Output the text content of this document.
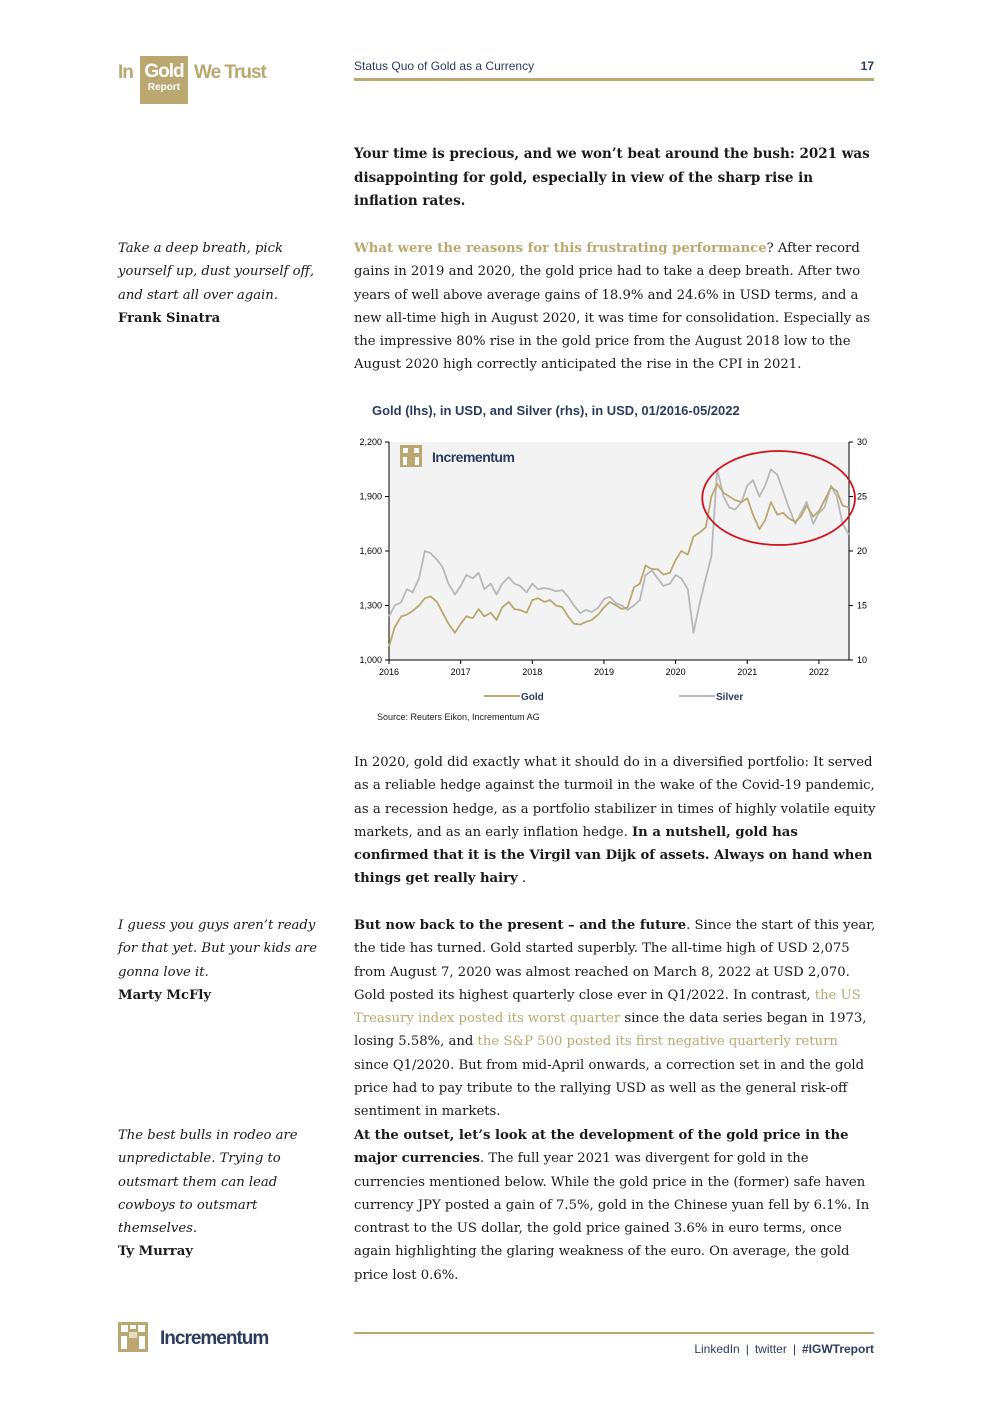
In Gold
Report
We Trust	Status Quo of Gold as a Currency	17
Your time is precious, and we won’t beat around the bush: 2021 was disappointing for gold, especially in view of the sharp rise in inflation rates.
Take a deep breath, pick yourself up, dust yourself off, and start all over again.
Frank Sinatra
What were the reasons for this frustrating performance? After record gains in 2019 and 2020, the gold price had to take a deep breath. After two years of well above average gains of 18.9% and 24.6% in USD terms, and a new all-time high in August 2020, it was time for consolidation. Especially as the impressive 80% rise in the gold price from the August 2018 low to the August 2020 high correctly anticipated the rise in the CPI in 2021.
Gold (lhs), in USD, and Silver (rhs), in USD, 01/2016-05/2022
Incrementum
1,000
1,300
1,600
1,900
2,200
10
15
20
25
30
2016	2017	2018	2019	2020	2021	2022
Gold	Silver
Source: Reuters Eikon, Incrementum AG
In 2020, gold did exactly what it should do in a diversified portfolio: It served as a reliable hedge against the turmoil in the wake of the Covid-19 pandemic, as a recession hedge, as a portfolio stabilizer in times of highly volatile equity markets, and as an early inflation hedge. In a nutshell, gold has confirmed that it is the Virgil van Dijk of assets. Always on hand when things get really hairy .
I guess you guys aren’t ready for that yet. But your kids are gonna love it.
Marty McFly
But now back to the present – and the future. Since the start of this year, the tide has turned. Gold started superbly. The all-time high of USD 2,075 from August 7, 2020 was almost reached on March 8, 2022 at USD 2,070. Gold posted its highest quarterly close ever in Q1/2022. In contrast, the US Treasury index posted its worst quarter since the data series began in 1973, losing 5.58%, and the S&P 500 posted its first negative quarterly return since Q1/2020. But from mid-April onwards, a correction set in and the gold price had to pay tribute to the rallying USD as well as the general risk-off sentiment in markets.
The best bulls in rodeo are unpredictable. Trying to outsmart them can lead cowboys to outsmart themselves.
Ty Murray
At the outset, let’s look at the development of the gold price in the major currencies. The full year 2021 was divergent for gold in the currencies mentioned below. While the gold price in the (former) safe haven currency JPY posted a gain of 7.5%, gold in the Chinese yuan fell by 6.1%. In contrast to the US dollar, the gold price gained 3.6% in euro terms, once again highlighting the glaring weakness of the euro. On average, the gold price lost 0.6%.
Incrementum	LinkedIn | twitter | #IGWTreport
